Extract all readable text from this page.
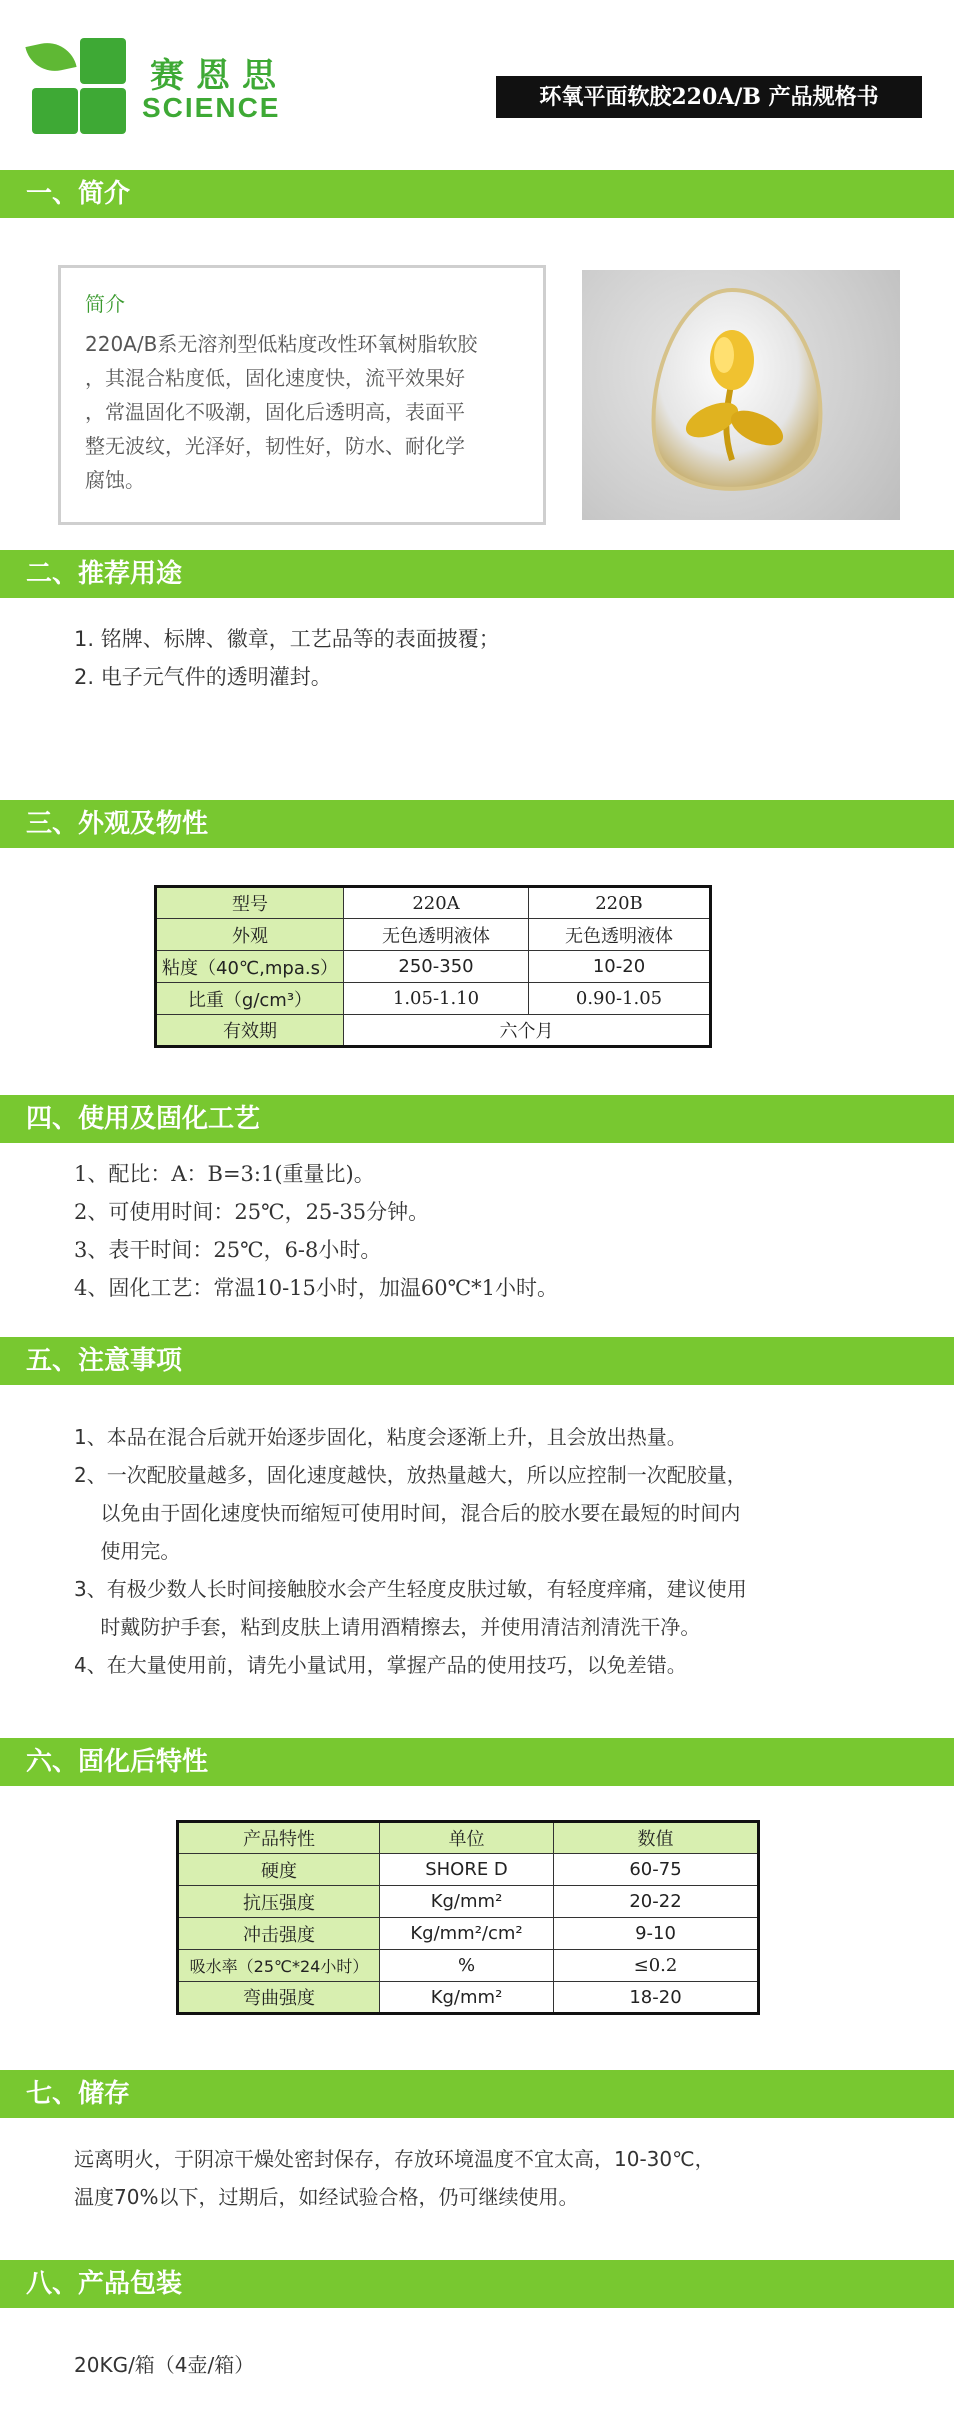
赛恩思
SCIENCE	环氧平面软胶220A/B 产品规格书
一、简介
简介
220A/B系无溶剂型低粘度改性环氧树脂软胶
，其混合粘度低，固化速度快，流平效果好
，常温固化不吸潮，固化后透明高，表面平
整无波纹，光泽好，韧性好，防水、耐化学
腐蚀。
二、推荐用途

1. 铭牌、标牌、徽章，工艺品等的表面披覆；

2. 电子元气件的透明灌封。

三、外观及物性
型号	220A	220B
外观	无色透明液体	无色透明液体
粘度（40℃,mpa.s）	250-350	10-20
比重（g/cm³）	1.05-1.10	0.90-1.05
有效期	六个月	
四、使用及固化工艺

1、配比：A：B=3:1(重量比)。

2、可使用时间：25℃，25-35分钟。

3、表干时间：25℃，6-8小时。

4、固化工艺：常温10-15小时，加温60℃*1小时。

五、注意事项

1、本品在混合后就开始逐步固化，粘度会逐渐上升，且会放出热量。

2、一次配胶量越多，固化速度越快，放热量越大，所以应控制一次配胶量，

　 以免由于固化速度快而缩短可使用时间，混合后的胶水要在最短的时间内

　 使用完。

3、有极少数人长时间接触胶水会产生轻度皮肤过敏，有轻度痒痛，建议使用

　 时戴防护手套，粘到皮肤上请用酒精擦去，并使用清洁剂清洗干净。

4、在大量使用前，请先小量试用，掌握产品的使用技巧，以免差错。

六、固化后特性
产品特性	单位	数值
硬度	SHORE D	60-75
抗压强度	Kg/mm²	20-22
冲击强度	Kg/mm²/cm²	9-10
吸水率（25℃*24小时）	%	≤0.2
弯曲强度	Kg/mm²	18-20
七、储存

远离明火，于阴凉干燥处密封保存，存放环境温度不宜太高，10-30℃，

温度70%以下，过期后，如经试验合格，仍可继续使用。

八、产品包装

20KG/箱（4壶/箱）
